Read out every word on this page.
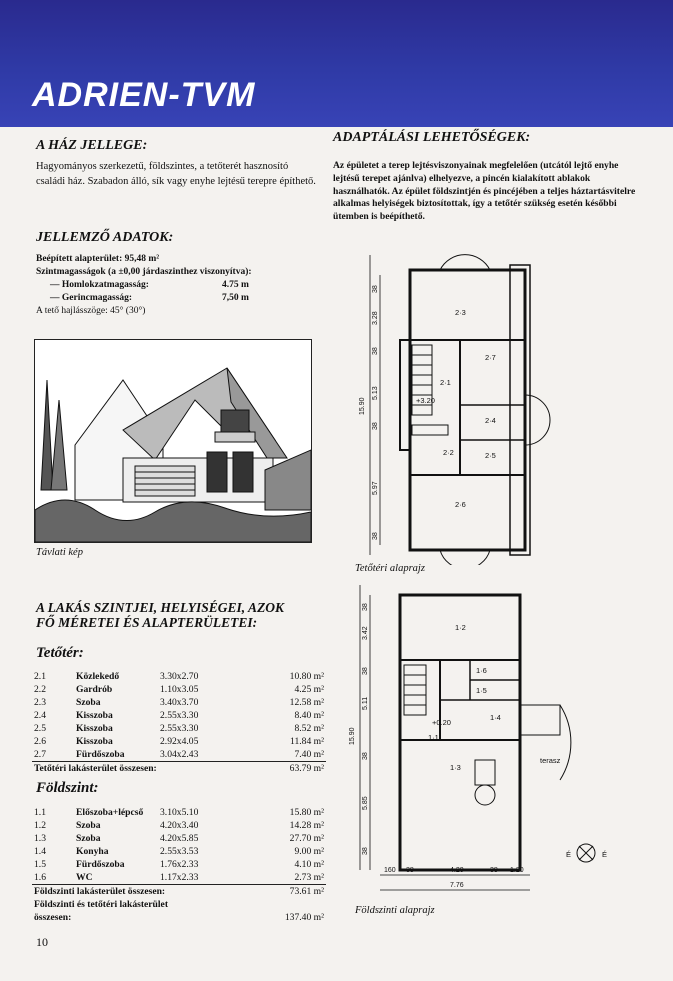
ADRIEN-TVM
A HÁZ JELLEGE:
Hagyományos szerkezetű, földszintes, a tetőterét hasznosító családi ház. Szabadon álló, sík vagy enyhe lejtésű terepre építhető.
JELLEMZŐ ADATOK:
Beépített alapterület: 95,48 m²
Szintmagasságok (a ±0,00 járdaszinthez viszonyítva):
— Homlokzatmagasság:	4.75 m
— Gerincmagasság:	7,50 m
A tető hajlásszöge: 45° (30°)
Távlati kép
A LAKÁS SZINTJEI, HELYISÉGEI, AZOK
FŐ MÉRETEI ÉS ALAPTERÜLETEI:
Tetőtér:
2.1	Közlekedő	3.30x2.70	10.80 m²
2.2	Gardrób	1.10x3.05	4.25 m²
2.3	Szoba	3.40x3.70	12.58 m²
2.4	Kisszoba	2.55x3.30	8.40 m²
2.5	Kisszoba	2.55x3.30	8.52 m²
2.6	Kisszoba	2.92x4.05	11.84 m²
2.7	Fürdőszoba	3.04x2.43	7.40 m²
Tetőtéri lakásterület összesen:			63.79 m²
Földszint:
1.1	Előszoba+lépcső	3.10x5.10	15.80 m²
1.2	Szoba	4.20x3.40	14.28 m²
1.3	Szoba	4.20x5.85	27.70 m²
1.4	Konyha	2.55x3.53	9.00 m²
1.5	Fürdőszoba	1.76x2.33	4.10 m²
1.6	WC	1.17x2.33	2.73 m²
Földszinti lakásterület összesen:			73.61 m²
Földszinti és tetőtéri lakásterület			
összesen:			137.40 m²
10
ADAPTÁLÁSI LEHETŐSÉGEK:
Az épületet a terep lejtésviszonyainak megfelelően (utcától lejtő enyhe lejtésű terepet ajánlva) elhelyezve, a pincén kialakított ablakok használhatók. Az épület földszintjén és pincéjében a teljes háztartásvitelre alkalmas helyiségek biztosítottak, így a tetőtér szükség esetén későbbi ütemben is beépíthető.
2·3
2·7
2·1
2·4
2·5
2·2
2·6
+3.20
15.90
38
3.28
38
5.13
38
5.97
38
Tetőtéri alaprajz
1·2
1·6
1·5
1·1
1·4
1·3
terasz
+0.20
15.90
38
3.42
38
5.11
38
5.85
38
160 38	4.20	38 1.20
7.76
É	É
Földszinti alaprajz
